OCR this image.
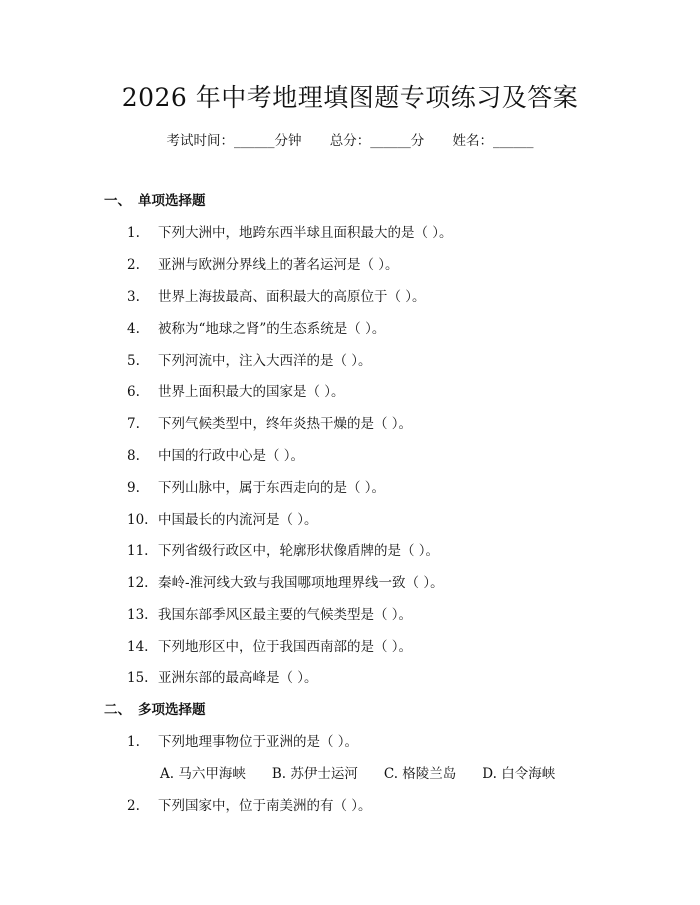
2026 年中考地理填图题专项练习及答案
考试时间：______分钟 总分：______分 姓名：______
一、 单项选择题
1.	下列大洲中，地跨东西半球且面积最大的是（ ）。
2.	亚洲与欧洲分界线上的著名运河是（ ）。
3.	世界上海拔最高、面积最大的高原位于（ ）。
4.	被称为“地球之肾”的生态系统是（ ）。
5.	下列河流中，注入大西洋的是（ ）。
6.	世界上面积最大的国家是（ ）。
7.	下列气候类型中，终年炎热干燥的是（ ）。
8.	中国的行政中心是（ ）。
9.	下列山脉中，属于东西走向的是（ ）。
10. 中国最长的内流河是（ ）。
11. 下列省级行政区中，轮廓形状像盾牌的是（ ）。
12. 秦岭-淮河线大致与我国哪项地理界线一致（ ）。
13. 我国东部季风区最主要的气候类型是（ ）。
14. 下列地形区中，位于我国西南部的是（ ）。
15. 亚洲东部的最高峰是（ ）。
二、 多项选择题
1.	下列地理事物位于亚洲的是（ ）。
A. 马六甲海峡 B. 苏伊士运河 C. 格陵兰岛 D. 白令海峡
2.	下列国家中，位于南美洲的有（ ）。
